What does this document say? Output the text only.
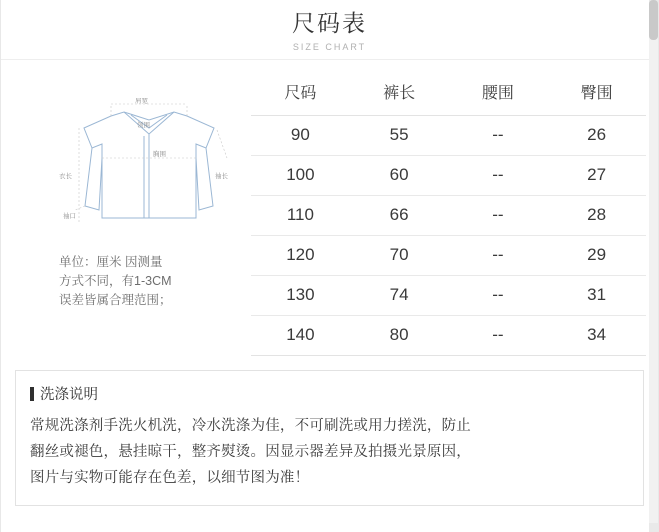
尺码表
SIZE CHART
肩宽
领围
胸围
衣长	袖长
袖口
单位：厘米 因测量
方式不同，有1-3CM
误差皆属合理范围；
尺码	裤长	腰围	臀围
90	55	--	26
100	60	--	27
110	66	--	28
120	70	--	29
130	74	--	31
140	80	--	34
洗涤说明
常规洗涤剂手洗火机洗，冷水洗涤为佳，不可刷洗或用力搓洗，防止
翻丝或褪色，悬挂晾干，整齐熨烫。因显示器差异及拍摄光景原因，
图片与实物可能存在色差，以细节图为准！
